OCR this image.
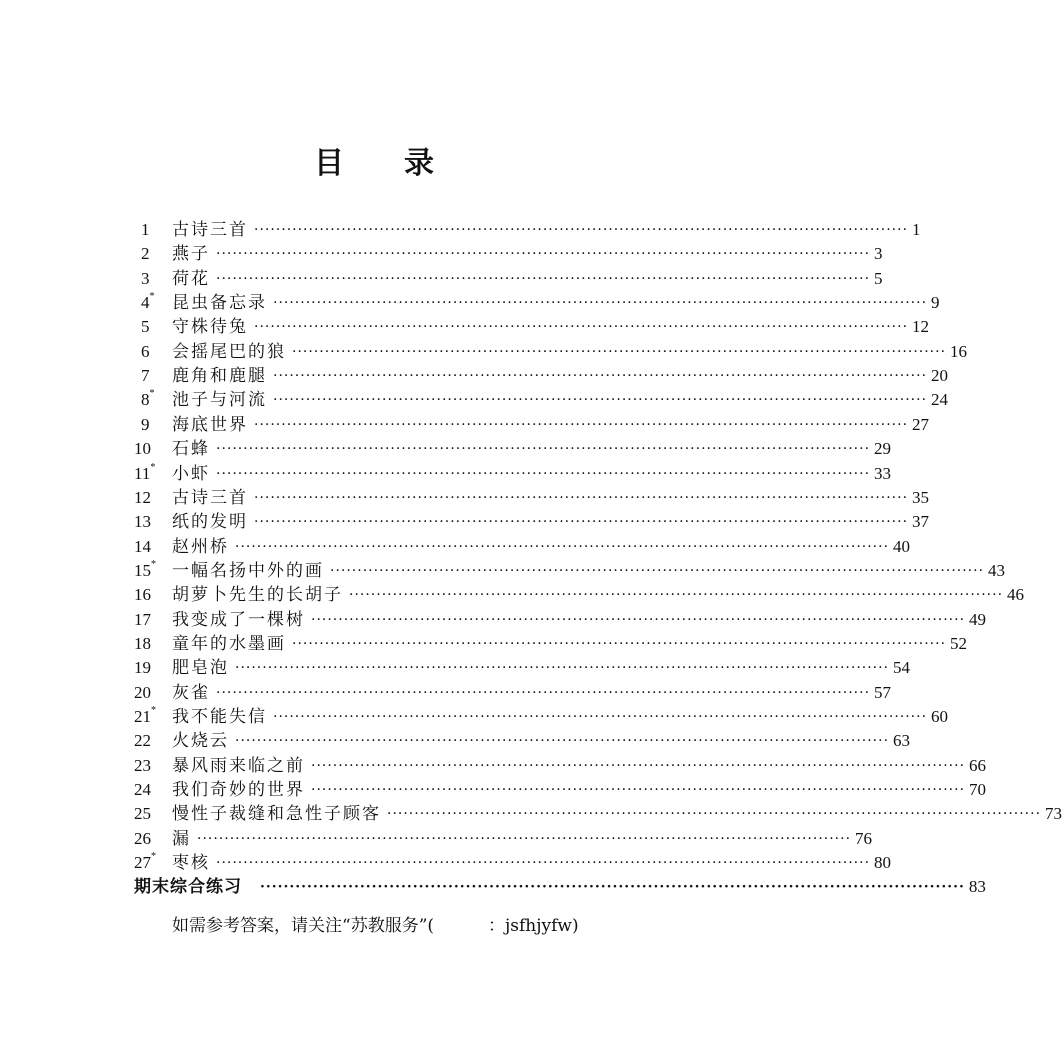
目 录
1	古诗三首 ························································································································ 1
2	燕子 ························································································································ 3
3	荷花 ························································································································ 5
4 * 昆虫备忘录 ························································································································ 9
5	守株待兔 ························································································································ 12
6	会摇尾巴的狼 ························································································································ 16
7	鹿角和鹿腿 ························································································································ 20
8 * 池子与河流 ························································································································ 24
9	海底世界 ························································································································ 27
10	石蜂 ························································································································ 29
11 * 小虾 ························································································································ 33
12	古诗三首 ························································································································ 35
13	纸的发明 ························································································································ 37
14	赵州桥 ························································································································ 40
15 * 一幅名扬中外的画 ························································································································ 43
16	胡萝卜先生的长胡子 ························································································································ 46
17	我变成了一棵树 ························································································································ 49
18	童年的水墨画 ························································································································ 52
19	肥皂泡 ························································································································ 54
20	灰雀 ························································································································ 57
21 * 我不能失信 ························································································································ 60
22	火烧云 ························································································································ 63
23	暴风雨来临之前 ························································································································ 66
24	我们奇妙的世界 ························································································································ 70
25	慢性子裁缝和急性子顾客 ························································································································ 73
26	漏 ························································································································ 76
27 * 枣核 ························································································································ 80
期末综合练习 ························································································································ 83
如需参考答案，请关注“苏教服务”(	：jsfhjyfw)
